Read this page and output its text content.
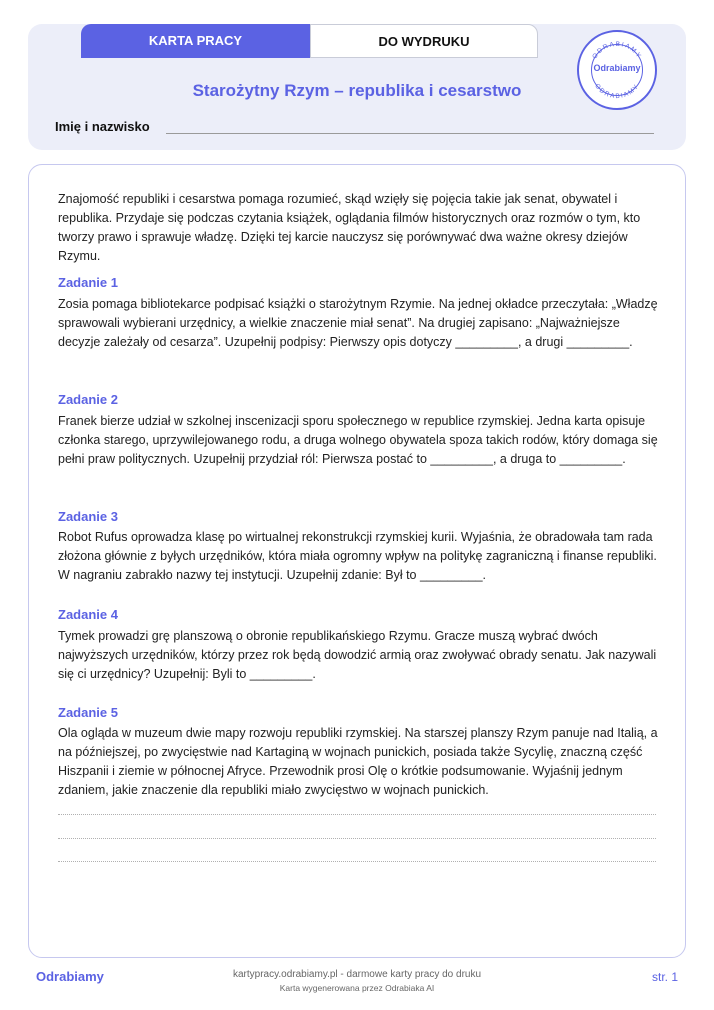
KARTA PRACY	DO WYDRUKU
Starożytny Rzym – republika i cesarstwo
Imię i nazwisko
ODRABIAMY
ODRABIAMY
Odrabiamy
Znajomość republiki i cesarstwa pomaga rozumieć, skąd wzięły się pojęcia takie jak senat, obywatel i republika. Przydaje się podczas czytania książek, oglądania filmów historycznych oraz rozmów o tym, kto tworzy prawo i sprawuje władzę. Dzięki tej karcie nauczysz się porównywać dwa ważne okresy dziejów Rzymu.
Zadanie 1
Zosia pomaga bibliotekarce podpisać książki o starożytnym Rzymie. Na jednej okładce przeczytała: „Władzę sprawowali wybierani urzędnicy, a wielkie znaczenie miał senat”. Na drugiej zapisano: „Najważniejsze decyzje zależały od cesarza”. Uzupełnij podpisy: Pierwszy opis dotyczy _________, a drugi _________.
Zadanie 2
Franek bierze udział w szkolnej inscenizacji sporu społecznego w republice rzymskiej. Jedna karta opisuje członka starego, uprzywilejowanego rodu, a druga wolnego obywatela spoza takich rodów, który domaga się pełni praw politycznych. Uzupełnij przydział ról: Pierwsza postać to _________, a druga to _________.
Zadanie 3
Robot Rufus oprowadza klasę po wirtualnej rekonstrukcji rzymskiej kurii. Wyjaśnia, że obradowała tam rada złożona głównie z byłych urzędników, która miała ogromny wpływ na politykę zagraniczną i finanse republiki. W nagraniu zabrakło nazwy tej instytucji. Uzupełnij zdanie: Był to _________.
Zadanie 4
Tymek prowadzi grę planszową o obronie republikańskiego Rzymu. Gracze muszą wybrać dwóch najwyższych urzędników, którzy przez rok będą dowodzić armią oraz zwoływać obrady senatu. Jak nazywali się ci urzędnicy? Uzupełnij: Byli to _________.
Zadanie 5
Ola ogląda w muzeum dwie mapy rozwoju republiki rzymskiej. Na starszej planszy Rzym panuje nad Italią, a na późniejszej, po zwycięstwie nad Kartaginą w wojnach punickich, posiada także Sycylię, znaczną część Hiszpanii i ziemie w północnej Afryce. Przewodnik prosi Olę o krótkie podsumowanie. Wyjaśnij jednym zdaniem, jakie znaczenie dla republiki miało zwycięstwo w wojnach punickich.
Odrabiamy	kartypracy.odrabiamy.pl - darmowe karty pracy do druku
Karta wygenerowana przez Odrabiaka AI
str. 1
